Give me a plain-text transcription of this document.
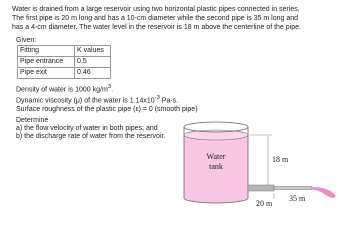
Water is drained from a large reservoir using two horizontal plastic pipes connected in series.
The first pipe is 20 m long and has a 10-cm diameter while the second pipe is 35 m long and
has a 4-cm diameter. The water level in the reservoir is 18 m above the centerline of the pipe.
Given:
Fitting	K values
Pipe entrance	0.5
Pipe exit	0.46
Density of water is 1000 $kg/m^3$.
Dynamic viscosity (μ) of the water is $1.14x10^{-3}$ Pa·s.
Surface roughness of the plastic pipe (ε) = 0 (smooth pipe)
Determine
a) the flow velocity of water in both pipes; and
b) the discharge rate of water from the reservoir.
Water
tank
18 m
20 m
35 m
